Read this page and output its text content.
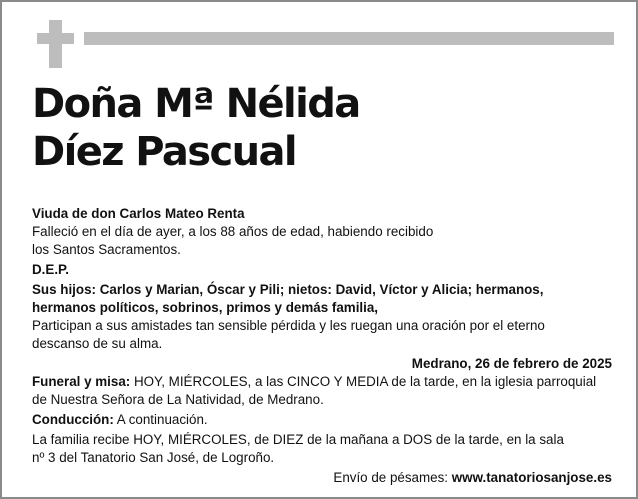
Doña Mª Nélida
Díez Pascual

Viuda de don Carlos Mateo Renta

Falleció en el día de ayer, a los 88 años de edad, habiendo recibido

los Santos Sacramentos.

D.E.P.

Sus hijos: Carlos y Marian, Óscar y Pili; nietos: David, Víctor y Alicia; hermanos,

hermanos políticos, sobrinos, primos y demás familia,

Participan a sus amistades tan sensible pérdida y les ruegan una oración por el eterno

descanso de su alma.

Medrano, 26 de febrero de 2025

Funeral y misa: HOY, MIÉRCOLES, a las CINCO Y MEDIA de la tarde, en la iglesia parroquial

de Nuestra Señora de La Natividad, de Medrano.

Conducción: A continuación.

La familia recibe HOY, MIÉRCOLES, de DIEZ de la mañana a DOS de la tarde, en la sala

nº 3 del Tanatorio San José, de Logroño.

Envío de pésames: www.tanatoriosanjose.es
